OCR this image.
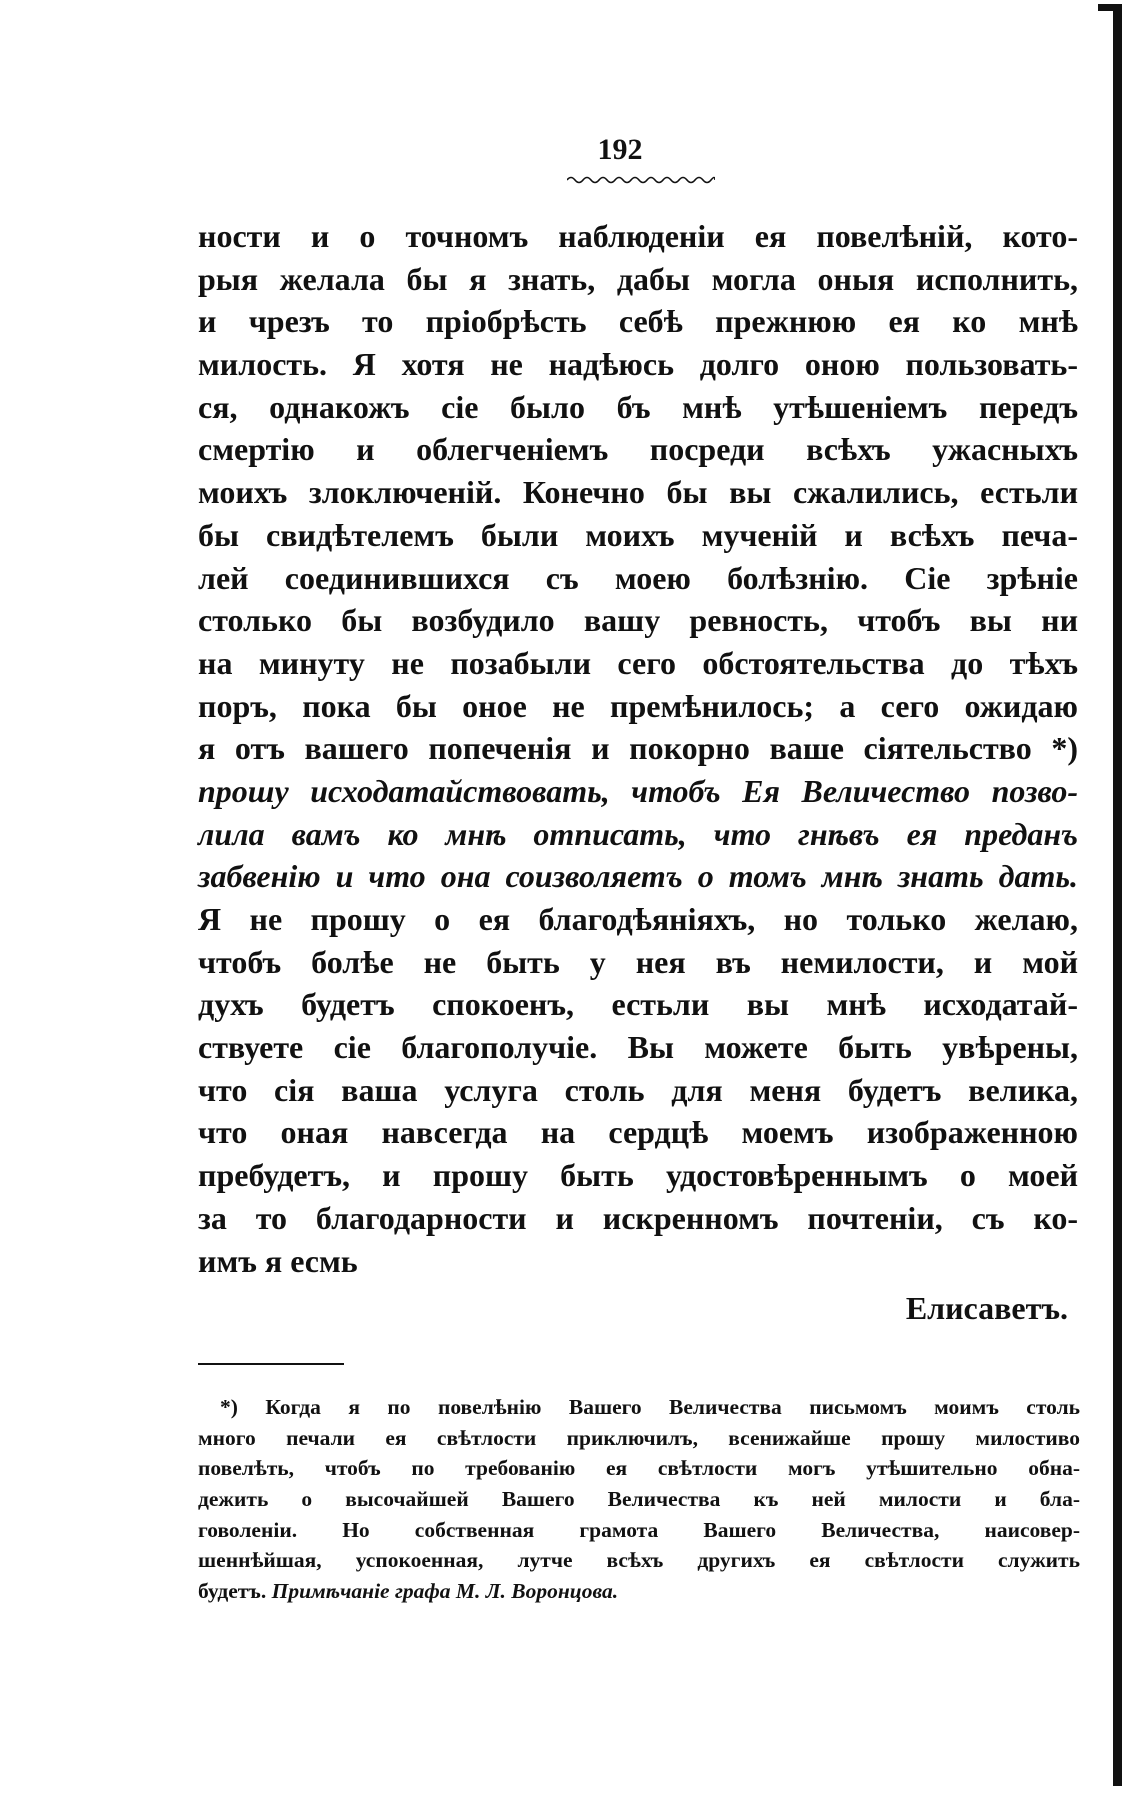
192

ности и о точномъ наблюденiи ея повелѣнiй, кото-
рыя желала бы я знать, дабы могла оныя исполнить,
и чрезъ то прiобрѣсть себѣ прежнюю ея ко мнѣ
милость. Я хотя не надѣюсь долго оною пользовать-
ся, однакожъ сiе было бъ мнѣ утѣшенiемъ передъ
смертiю и облегченiемъ посреди всѣхъ ужасныхъ
моихъ злоключенiй. Конечно бы вы сжалились, естьли
бы свидѣтелемъ были моихъ мученiй и всѣхъ печа-
лей соединившихся съ моею болѣзнiю. Сiе зрѣнiе
столько бы возбудило вашу ревность, чтобъ вы ни
на минуту не позабыли сего обстоятельства до тѣхъ
поръ, пока бы оное не премѣнилось; а сего ожидаю
я отъ вашего попеченiя и покорно ваше сiятельство *)
прошу исходатайствовать, чтобъ Ея Величество позво-
лила вамъ ко мнѣ отписать, что гнѣвъ ея преданъ
забвенiю и что она соизволяетъ о томъ мнѣ знать дать.
Я не прошу о ея благодѣянiяхъ, но только желаю,
чтобъ болѣе не быть у нея въ немилости, и мой
духъ будетъ спокоенъ, естьли вы мнѣ исходатай-
ствуете сiе благополучiе. Вы можете быть увѣрены,
что сiя ваша услуга столь для меня будетъ велика,
что оная навсегда на сердцѣ моемъ изображенною
пребудетъ, и прошу быть удостовѣреннымъ о моей
за то благодарности и искренномъ почтенiи, съ ко-
имъ я есмь

Елисаветъ.

*) Когда я по повелѣнiю Вашего Величества письмомъ моимъ столь
много печали ея свѣтлости приключилъ, всенижайше прошу милостиво
повелѣть, чтобъ по требованiю ея свѣтлости могъ утѣшительно обна-
дежить о высочайшей Вашего Величества къ ней милости и бла-
говоленiи. Но собственная грамота Вашего Величества, наисовер-
шеннѣйшая, успокоенная, лутче всѣхъ другихъ ея свѣтлости служить
будетъ. Примѣчанiе графа М. Л. Воронцова.
